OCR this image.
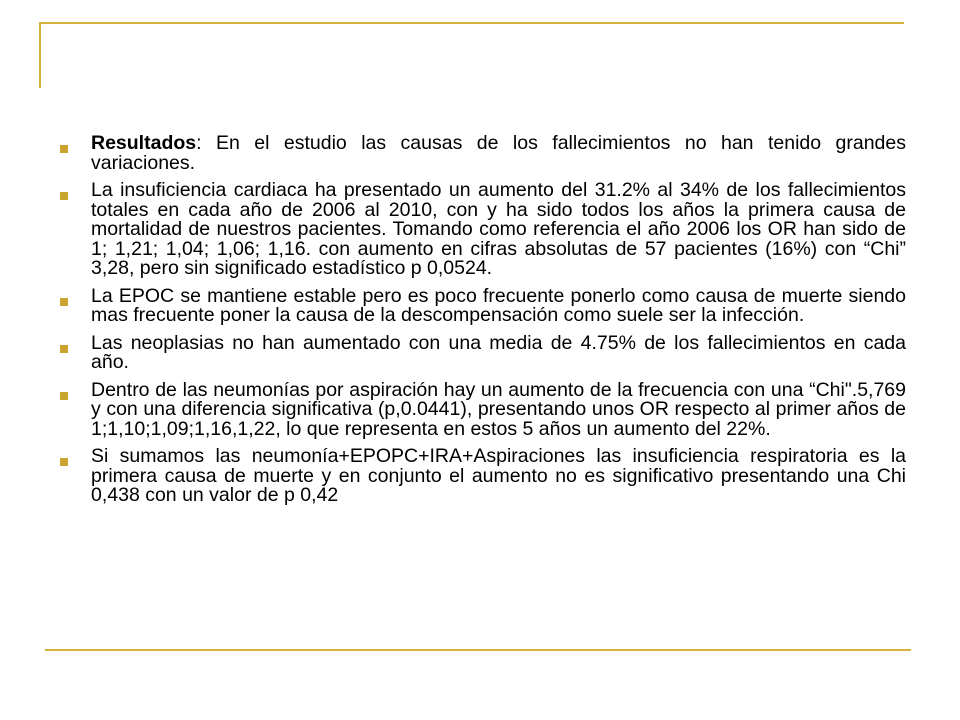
Resultados: En el estudio las causas de los fallecimientos no han tenido grandes variaciones.
La insuficiencia cardiaca ha presentado un aumento del 31.2% al 34% de los fallecimientos totales en cada año de 2006 al 2010, con y ha sido todos los años la primera causa de mortalidad de nuestros pacientes. Tomando como referencia el año 2006 los OR han sido de 1; 1,21; 1,04; 1,06; 1,16. con aumento en cifras absolutas de 57 pacientes (16%) con “Chi” 3,28, pero sin significado estadístico p 0,0524.
La EPOC se mantiene estable pero es poco frecuente ponerlo como causa de muerte siendo mas frecuente poner la causa de la descompensación como suele ser la infección.
Las neoplasias no han aumentado con una media de 4.75% de los fallecimientos en cada año.
Dentro de las neumonías por aspiración hay un aumento de la frecuencia con una “Chi".5,769 y con una diferencia significativa (p,0.0441), presentando unos OR respecto al primer años de 1;1,10;1,09;1,16,1,22, lo que representa en estos 5 años un aumento del 22%.
Si sumamos las neumonía+EPOPC+IRA+Aspiraciones las insuficiencia respiratoria es la primera causa de muerte y en conjunto el aumento no es significativo presentando una Chi 0,438 con un valor de p 0,42
